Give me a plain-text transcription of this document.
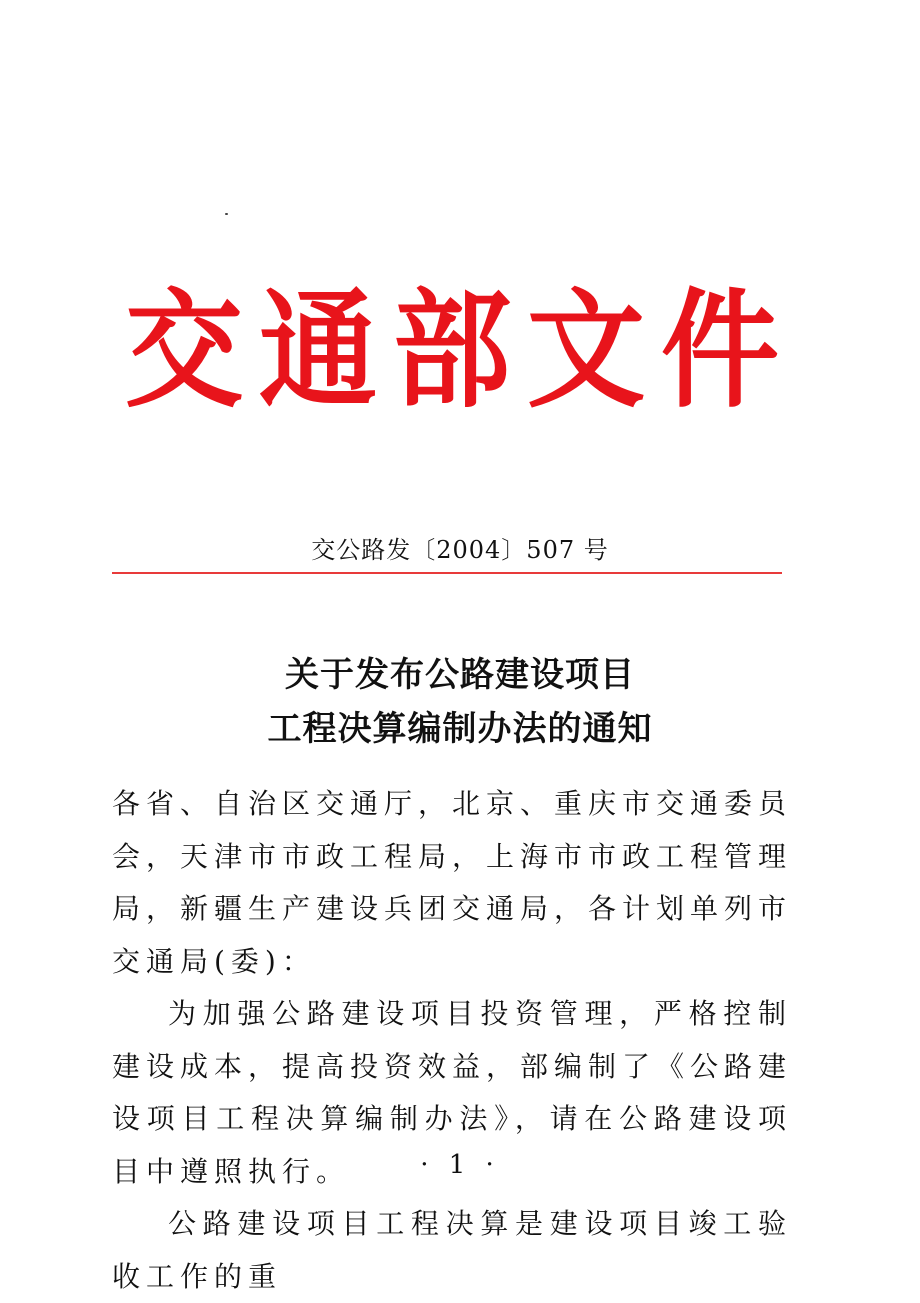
交通部文件
交公路发〔2004〕507 号
关于发布公路建设项目
工程决算编制办法的通知

各省、自治区交通厅，北京、重庆市交通委员会，天津市市政工程局，上海市市政工程管理局，新疆生产建设兵团交通局，各计划单列市交通局(委)：

为加强公路建设项目投资管理，严格控制建设成本，提高投资效益，部编制了《公路建设项目工程决算编制办法》，请在公路建设项目中遵照执行。

公路建设项目工程决算是建设项目竣工验收工作的重

· 1 ·
